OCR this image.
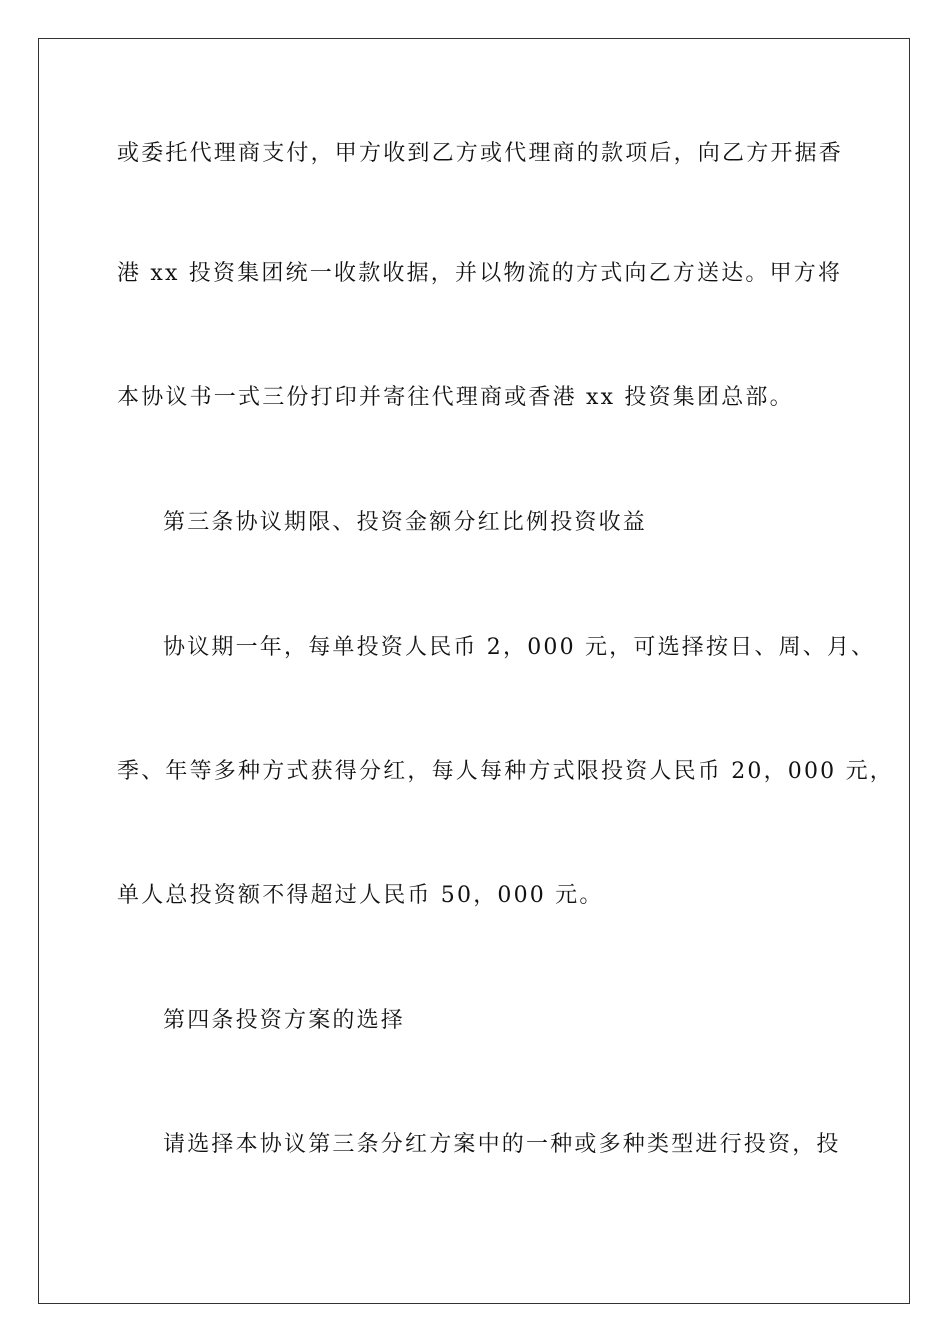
或委托代理商支付，甲方收到乙方或代理商的款项后，向乙方开据香
港 xx 投资集团统一收款收据，并以物流的方式向乙方送达。甲方将
本协议书一式三份打印并寄往代理商或香港 xx 投资集团总部。
第三条协议期限、投资金额分红比例投资收益
协议期一年，每单投资人民币 2，000 元，可选择按日、周、月、
季、年等多种方式获得分红，每人每种方式限投资人民币 20，000 元，
单人总投资额不得超过人民币 50，000 元。
第四条投资方案的选择
请选择本协议第三条分红方案中的一种或多种类型进行投资，投
